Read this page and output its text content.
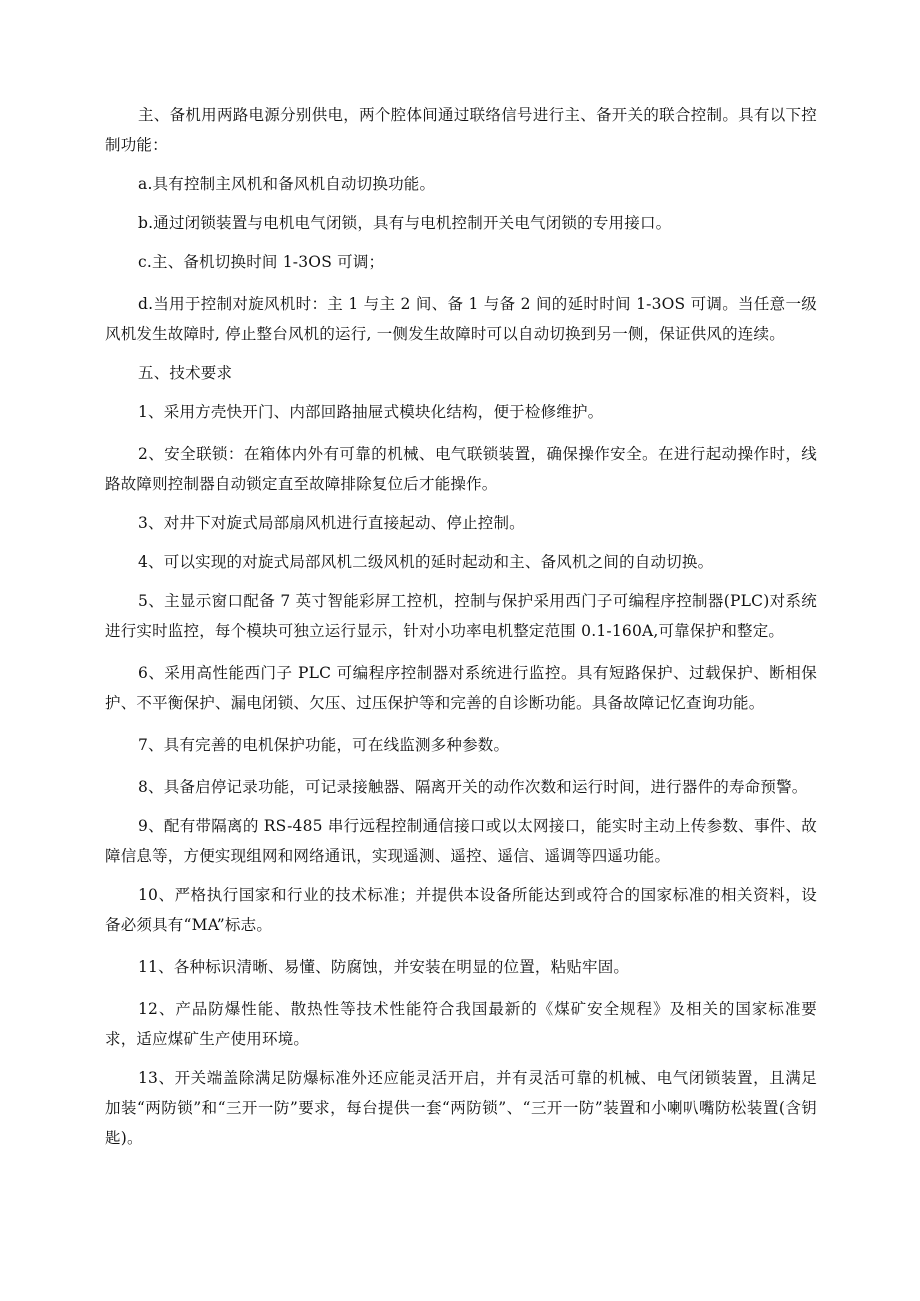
主、备机用两路电源分别供电，两个腔体间通过联络信号进行主、备开关的联合控制。具有以下控制功能：

a.具有控制主风机和备风机自动切换功能。

b.通过闭锁装置与电机电气闭锁，具有与电机控制开关电气闭锁的专用接口。

c.主、备机切换时间 1-3OS 可调；

d.当用于控制对旋风机时：主 1 与主 2 间、备 1 与备 2 间的延时时间 1-3OS 可调。当任意一级风机发生故障时, 停止整台风机的运行, 一侧发生故障时可以自动切换到另一侧，保证供风的连续。

五、技术要求

1、采用方壳快开门、内部回路抽屉式模块化结构，便于检修维护。

2、安全联锁：在箱体内外有可靠的机械、电气联锁装置，确保操作安全。在进行起动操作时，线路故障则控制器自动锁定直至故障排除复位后才能操作。

3、对井下对旋式局部扇风机进行直接起动、停止控制。

4、可以实现的对旋式局部风机二级风机的延时起动和主、备风机之间的自动切换。

5、主显示窗口配备 7 英寸智能彩屏工控机，控制与保护采用西门子可编程序控制器(PLC)对系统进行实时监控，每个模块可独立运行显示，针对小功率电机整定范围 0.1-160A,可靠保护和整定。

6、采用高性能西门子 PLC 可编程序控制器对系统进行监控。具有短路保护、过载保护、断相保护、不平衡保护、漏电闭锁、欠压、过压保护等和完善的自诊断功能。具备故障记忆查询功能。

7、具有完善的电机保护功能，可在线监测多种参数。

8、具备启停记录功能，可记录接触器、隔离开关的动作次数和运行时间，进行器件的寿命预警。

9、配有带隔离的 RS-485 串行远程控制通信接口或以太网接口，能实时主动上传参数、事件、故障信息等，方便实现组网和网络通讯，实现遥测、遥控、遥信、遥调等四遥功能。

10、严格执行国家和行业的技术标准；并提供本设备所能达到或符合的国家标准的相关资料，设备必须具有“MA”标志。

11、各种标识清晰、易懂、防腐蚀，并安装在明显的位置，粘贴牢固。

12、产品防爆性能、散热性等技术性能符合我国最新的《煤矿安全规程》及相关的国家标准要求，适应煤矿生产使用环境。

13、开关端盖除满足防爆标准外还应能灵活开启，并有灵活可靠的机械、电气闭锁装置，且满足加装“两防锁”和“三开一防”要求，每台提供一套“两防锁”、“三开一防”装置和小喇叭嘴防松装置(含钥匙)。
